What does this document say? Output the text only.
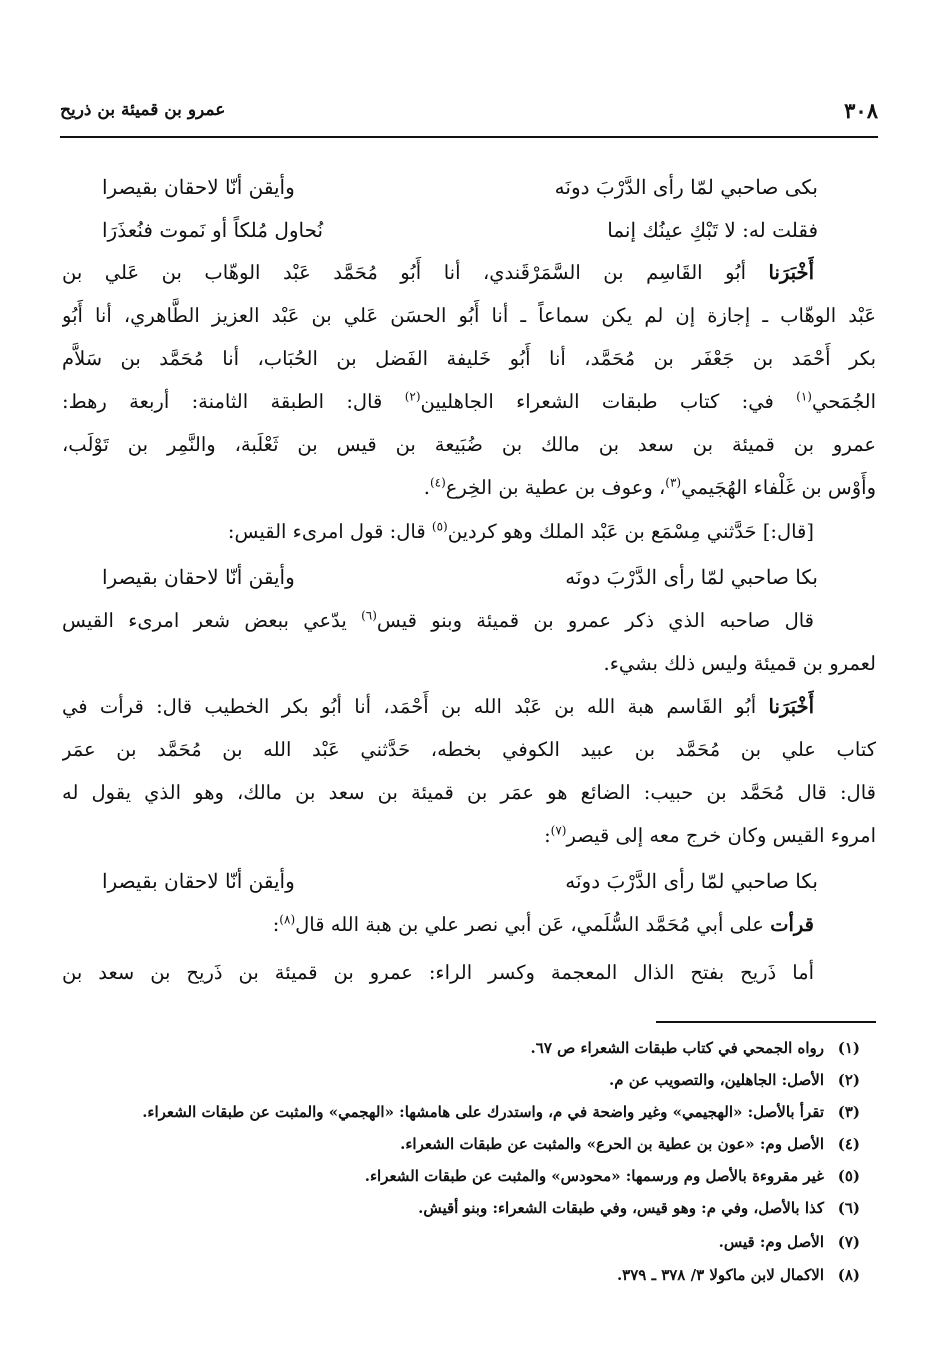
٣٠٨
عمرو بن قميئة بن ذريح
بكى صاحبي لمّا رأى الدَّرْبَ دونَه
وأيقن أنّا لاحقان بقيصرا
فقلت له: لا تَبْكِ عينُك إنما
نُحاول مُلكاً أو نَموت فنُعذَرَا
أَخْبَرَنا أبُو القَاسِم بن السَّمَرْقَندي، أنا أَبُو مُحَمَّد عَبْد الوهّاب بن عَلي بن
عَبْد الوهّاب ـ إجازة إن لم يكن سماعاً ـ أنا أَبُو الحسَن عَلي بن عَبْد العزيز الطَّاهري، أنا أَبُو
بكر أَحْمَد بن جَعْفَر بن مُحَمَّد، أنا أَبُو خَليفة الفَضل بن الحُبَاب، أنا مُحَمَّد بن سَلاَّم
الجُمَحي$^{(١)}$ في: كتاب طبقات الشعراء الجاهليين$^{(٢)}$ قال: الطبقة الثامنة: أربعة رهط:
عمرو بن قميئة بن سعد بن مالك بن ضُبَيعة بن قيس بن ثَعْلَبة، والنَّمِر بن تَوْلَب،
وأَوْس بن غَلْفاء الهُجَيمي$^{(٣)}$، وعوف بن عطية بن الخِرع$^{(٤)}$.
[قال:] حَدَّثني مِسْمَع بن عَبْد الملك وهو كردين$^{(٥)}$ قال: قول امرىء القيس:
بكا صاحبي لمّا رأى الدَّرْبَ دونَه
وأيقن أنّا لاحقان بقيصرا
قال صاحبه الذي ذكر عمرو بن قميئة وبنو قيس$^{(٦)}$ يدّعي ببعض شعر امرىء القيس
لعمرو بن قميئة وليس ذلك بشيء.
أَخْبَرَنا أبُو القَاسم هبة الله بن عَبْد الله بن أَحْمَد، أنا أبُو بكر الخطيب قال: قرأت في
كتاب علي بن مُحَمَّد بن عبيد الكوفي بخطه، حَدَّثني عَبْد الله بن مُحَمَّد بن عمَر
قال: قال مُحَمَّد بن حبيب: الضائع هو عمَر بن قميئة بن سعد بن مالك، وهو الذي يقول له
امروء القيس وكان خرج معه إلى قيصر$^{(٧)}$:
بكا صاحبي لمّا رأى الدَّرْبَ دونَه
وأيقن أنّا لاحقان بقيصرا
قرأت على أبي مُحَمَّد السُّلَمي، عَن أبي نصر علي بن هبة الله قال$^{(٨)}$:
أما ذَريح بفتح الذال المعجمة وكسر الراء: عمرو بن قميئة بن ذَريح بن سعد بن
(١)رواه الجمحي في كتاب طبقات الشعراء ص ٦٧.
(٢)الأصل: الجاهلين، والتصويب عن م.
(٣)تقرأ بالأصل: «الهجيمي» وغير واضحة في م، واستدرك على هامشها: «الهجمي» والمثبت عن طبقات الشعراء.
(٤)الأصل وم: «عون بن عطية بن الحرع» والمثبت عن طبقات الشعراء.
(٥)غير مقروءة بالأصل وم ورسمها: «محودس» والمثبت عن طبقات الشعراء.
(٦)كذا بالأصل، وفي م: وهو قيس، وفي طبقات الشعراء: وبنو أقيش.
(٧)الأصل وم: قيس.
(٨)الاكمال لابن ماكولا ٣/ ٣٧٨ ـ ٣٧٩.
